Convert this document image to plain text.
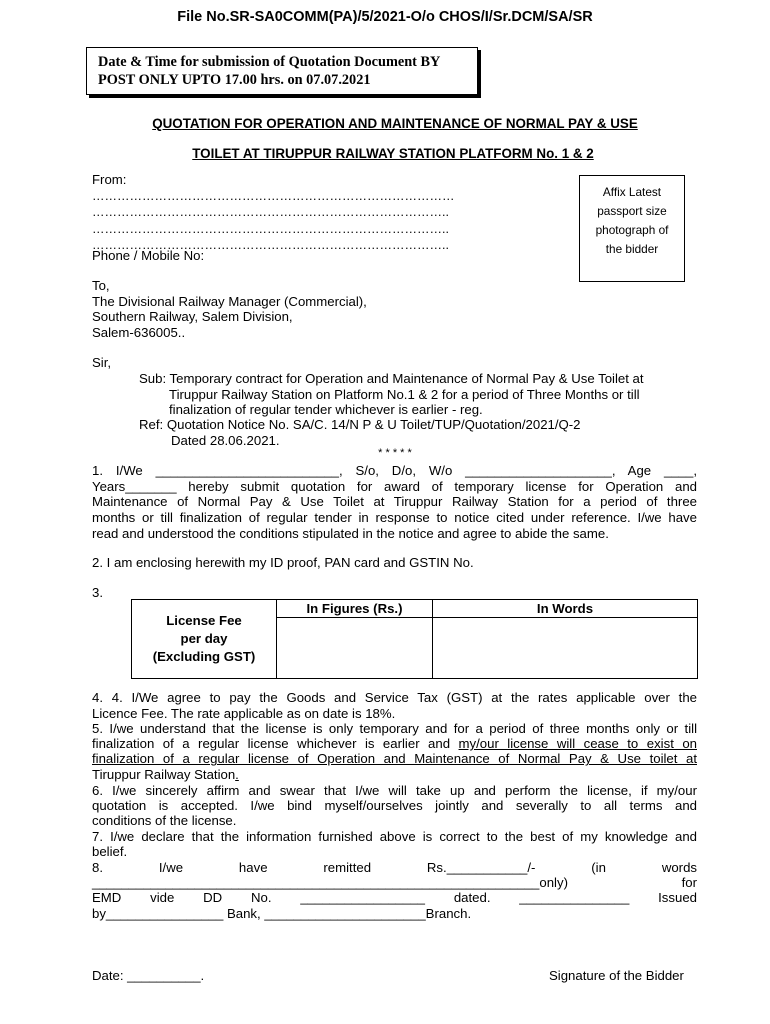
File No.SR-SA0COMM(PA)/5/2021-O/o CHOS/I/Sr.DCM/SA/SR
Date & Time for submission of Quotation Document BY
POST ONLY UPTO 17.00 hrs. on 07.07.2021
QUOTATION FOR OPERATION AND MAINTENANCE OF NORMAL PAY & USE
TOILET AT TIRUPPUR RAILWAY STATION PLATFORM No. 1 & 2
From:
……………………………………………………………………………
…………………………………………………………………………..
…………………………………………………………………………..
…………………………………………………………………………..
Phone / Mobile No:
Affix Latest
passport size
photograph of
the bidder
To,
The Divisional Railway Manager (Commercial),
Southern Railway, Salem Division,
Salem-636005..
Sir,
Sub: Temporary contract for Operation and Maintenance of Normal Pay & Use Toilet at
Tiruppur Railway Station on Platform No.1 & 2 for a period of Three Months or till
finalization of regular tender whichever is earlier - reg.
Ref: Quotation Notice No. SA/C. 14/N P & U Toilet/TUP/Quotation/2021/Q-2
Dated 28.06.2021.
* * * * *
1. I/We _________________________, S/o, D/o, W/o ____________________, Age ____,
Years_______ hereby submit quotation for award of temporary license for Operation and
Maintenance of Normal Pay & Use Toilet at Tiruppur Railway Station for a period of three
months or till finalization of regular tender in response to notice cited under reference. I/we have
read and understood the conditions stipulated in the notice and agree to abide the same.
2. I am enclosing herewith my ID proof, PAN card and GSTIN No.
3.
License Fee
per day
(Excluding GST)	In Figures (Rs.)	In Words

4. 4. I/We agree to pay the Goods and Service Tax (GST) at the rates applicable over the
Licence Fee. The rate applicable as on date is 18%.
5. I/we understand that the license is only temporary and for a period of three months only or till
finalization of a regular license whichever is earlier and my/our license will cease to exist on
finalization of a regular license of Operation and Maintenance of Normal Pay & Use toilet at
Tiruppur Railway Station.
6. I/we sincerely affirm and swear that I/we will take up and perform the license, if my/our
quotation is accepted. I/we bind myself/ourselves jointly and severally to all terms and
conditions of the license.
7. I/we declare that the information furnished above is correct to the best of my knowledge and
belief.
8. I/we have remitted Rs.___________/- (in words
_____________________________________________________________only) for
EMD vide DD No. _________________ dated. _______________ Issued
by________________ Bank, ______________________Branch.
Date: __________.	Signature of the Bidder
